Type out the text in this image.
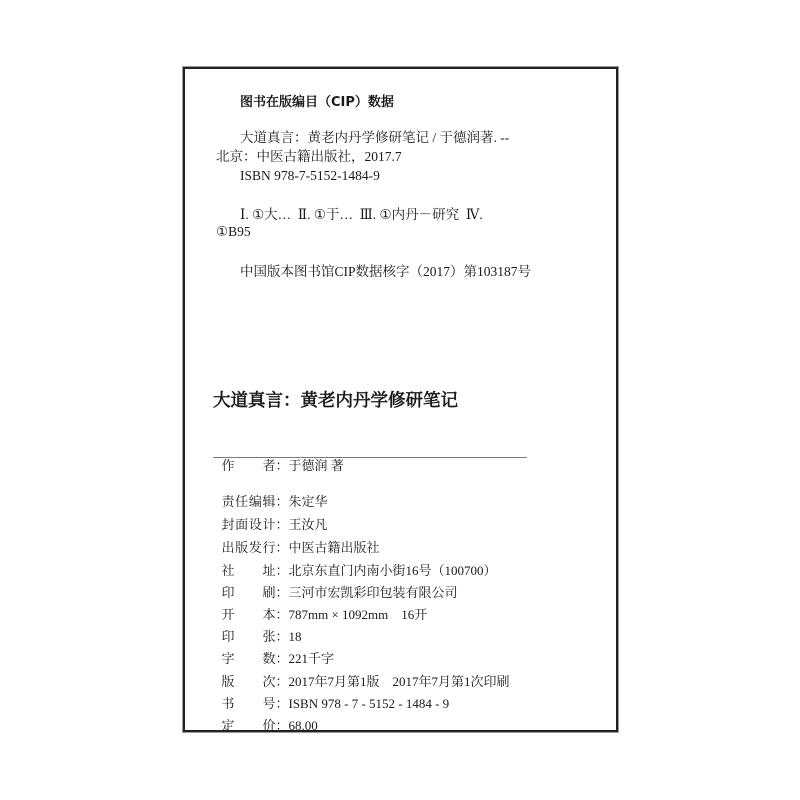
图书在版编目（CIP）数据
大道真言：黄老内丹学修研笔记 / 于德润著. --
北京：中医古籍出版社，2017.7
ISBN 978-7-5152-1484-9
Ⅰ. ①大…  Ⅱ. ①于…  Ⅲ. ①内丹－研究  Ⅳ.
①B95
中国版本图书馆CIP数据核字（2017）第103187号
大道真言：黄老内丹学修研笔记

作者：于德润 著

责任编辑：朱定华

封面设计：王汝凡

出版发行：中医古籍出版社

社址：北京东直门内南小街16号（100700）

印刷：三河市宏凯彩印包装有限公司

开本：787mm × 1092mm　16开

印张：18

字数：221千字

版次：2017年7月第1版　2017年7月第1次印刷

书号：ISBN 978 - 7 - 5152 - 1484 - 9

定价：68.00
